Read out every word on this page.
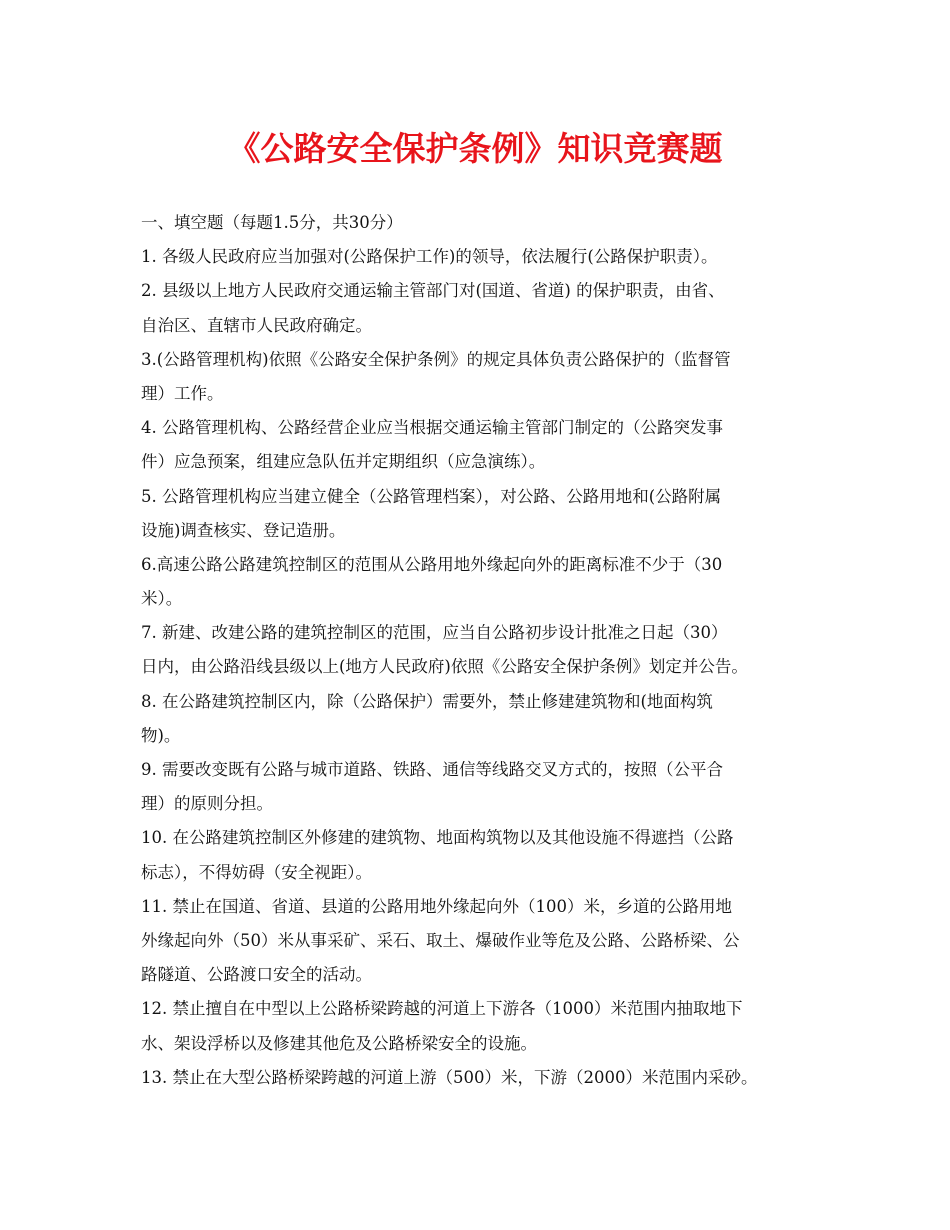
《公路安全保护条例》知识竞赛题
一、填空题（每题1.5分，共30分）
1. 各级人民政府应当加强对(公路保护工作)的领导，依法履行(公路保护职责）。
2. 县级以上地方人民政府交通运输主管部门对(国道、省道) 的保护职责，由省、
自治区、直辖市人民政府确定。
3.(公路管理机构)依照《公路安全保护条例》的规定具体负责公路保护的（监督管
理）工作。
4. 公路管理机构、公路经营企业应当根据交通运输主管部门制定的（公路突发事
件）应急预案，组建应急队伍并定期组织（应急演练）。
5. 公路管理机构应当建立健全（公路管理档案），对公路、公路用地和(公路附属
设施)调查核实、登记造册。
6.高速公路公路建筑控制区的范围从公路用地外缘起向外的距离标准不少于（30
米）。
7. 新建、改建公路的建筑控制区的范围，应当自公路初步设计批准之日起（30）
日内，由公路沿线县级以上(地方人民政府)依照《公路安全保护条例》划定并公告。
8. 在公路建筑控制区内，除（公路保护）需要外，禁止修建建筑物和(地面构筑
物)。
9. 需要改变既有公路与城市道路、铁路、通信等线路交叉方式的，按照（公平合
理）的原则分担。
10. 在公路建筑控制区外修建的建筑物、地面构筑物以及其他设施不得遮挡（公路
标志），不得妨碍（安全视距）。
11. 禁止在国道、省道、县道的公路用地外缘起向外（100）米，乡道的公路用地
外缘起向外（50）米从事采矿、采石、取土、爆破作业等危及公路、公路桥梁、公
路隧道、公路渡口安全的活动。
12. 禁止擅自在中型以上公路桥梁跨越的河道上下游各（1000）米范围内抽取地下
水、架设浮桥以及修建其他危及公路桥梁安全的设施。
13. 禁止在大型公路桥梁跨越的河道上游（500）米，下游（2000）米范围内采砂。
